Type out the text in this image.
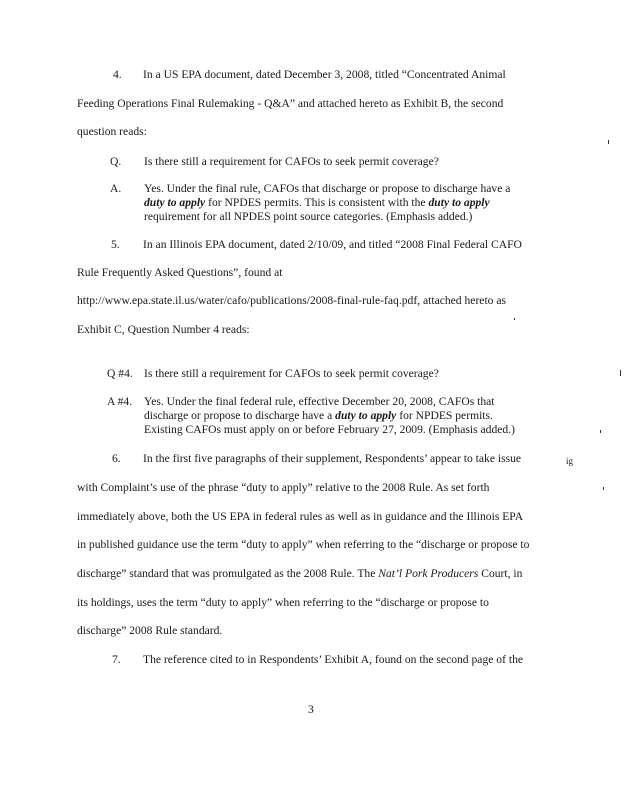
4. In a US EPA document, dated December 3, 2008, titled “Concentrated Animal
Feeding Operations Final Rulemaking - Q&A” and attached hereto as Exhibit B, the second
question reads:
Q. Is there still a requirement for CAFOs to seek permit coverage?
A. Yes. Under the final rule, CAFOs that discharge or propose to discharge have a
duty to apply for NPDES permits. This is consistent with the duty to apply
requirement for all NPDES point source categories. (Emphasis added.)
5. In an Illinois EPA document, dated 2/10/09, and titled “2008 Final Federal CAFO
Rule Frequently Asked Questions”, found at
http://www.epa.state.il.us/water/cafo/publications/2008-final-rule-faq.pdf, attached hereto as
Exhibit C, Question Number 4 reads:
Q #4. Is there still a requirement for CAFOs to seek permit coverage?
A #4. Yes. Under the final federal rule, effective December 20, 2008, CAFOs that
discharge or propose to discharge have a duty to apply for NPDES permits.
Existing CAFOs must apply on or before February 27, 2009. (Emphasis added.)
6. In the first five paragraphs of their supplement, Respondents’ appear to take issue
with Complaint’s use of the phrase “duty to apply” relative to the 2008 Rule. As set forth
immediately above, both the US EPA in federal rules as well as in guidance and the Illinois EPA
in published guidance use the term “duty to apply” when referring to the “discharge or propose to
discharge” standard that was promulgated as the 2008 Rule. The Nat’l Pork Producers Court, in
its holdings, uses the term “duty to apply” when referring to the “discharge or propose to
discharge” 2008 Rule standard.
7. The reference cited to in Respondents’ Exhibit A, found on the second page of the
ig
3
